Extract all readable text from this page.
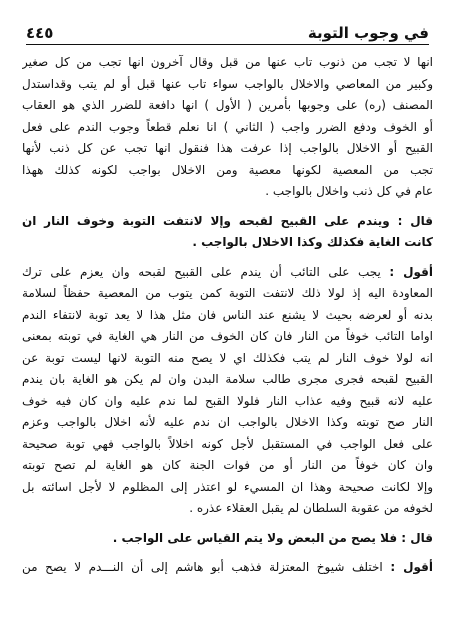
في وجوب التوبة
٤٤٥
انها لا تجب من ذنوب تاب عنها من قبل وقال آخرون انها تجب من كل صغير
وكبير من المعاصي والاخلال بالواجب سواء تاب عنها قبل أو لم يتب وقداستدل
المصنف (ره) على وجوبها بأمرين ( الأول ) انها دافعة للضرر الذي هو العقاب
أو الخوف ودفع الضرر واجب ( الثاني ) انا نعلم قطعاً وجوب الندم على فعل
القبيح أو الاخلال بالواجب إذا عرفت هذا فنقول انها تجب عن كل ذنب لأنها
تجب من المعصية لكونها معصية ومن الاخلال بواجب لكونه كذلك ههذا
عام في كل ذنب واخلال بالواجب .
قال : ويندم على القبيح لقبحه وإلا لانتفت التوبة وخوف النار ان
كانت الغاية فكذلك وكذا الاخلال بالواجب .
أقول : يجب على التائب أن يندم على القبيح لقبحه وان يعزم على ترك
المعاودة اليه إذ لولا ذلك لانتفت التوبة كمن يتوب من المعصية حفظاً لسلامة
بدنه أو لعرضه بحيث لا يشنع عند الناس فان مثل هذا لا يعد توبة لانتفاء الندم
اواما التائب خوفاً من النار فان كان الخوف من النار هي الغاية في توبته بمعنى
انه لولا خوف النار لم يتب فكذلك اي لا يصح منه التوبة لانها ليست توبة عن
القبيح لقبحه فجرى مجرى طالب سلامة البدن وان لم يكن هو الغاية بان يندم
عليه لانه قبيح وفيه عذاب النار فلولا القبح لما ندم عليه وان كان فيه خوف
النار صح توبته وكذا الاخلال بالواجب ان ندم عليه لأنه اخلال بالواجب وعزم
على فعل الواجب في المستقبل لأجل كونه اخلالاً بالواجب فهي توبة صحيحة
وان كان خوفاً من النار أو من فوات الجنة كان هو الغاية لم تصح توبته
وإلا لكانت صحيحة وهذا ان المسيء لو اعتذر إلى المظلوم لا لأجل اسائته بل
لخوفه من عقوبة السلطان لم يقبل العقلاء عذره .
قال : فلا يصح من البعض ولا يتم القياس على الواجب .
أقول : اختلف شيوخ المعتزلة فذهب أبو هاشم إلى أن النـــدم لا يصح من
